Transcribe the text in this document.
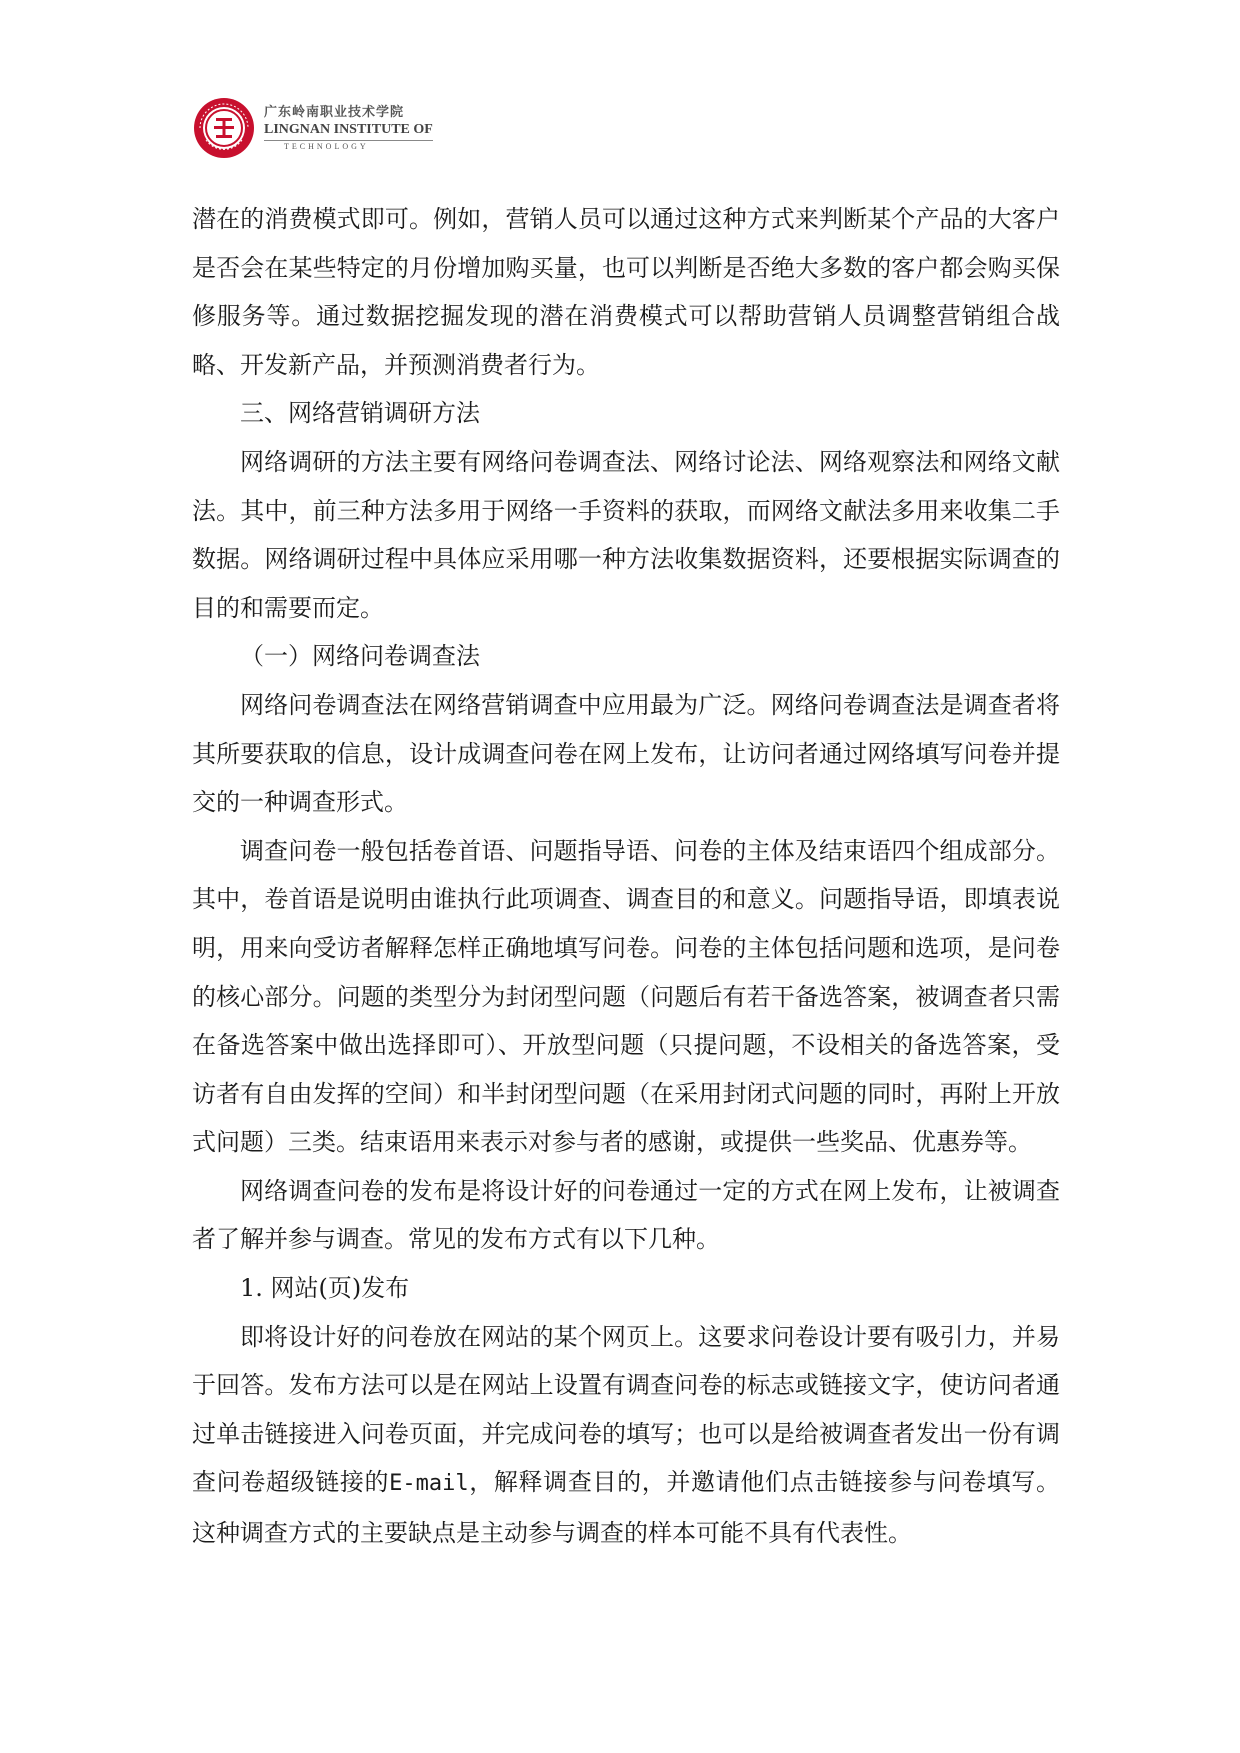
广东岭南职业技术学院
LINGNAN INSTITUTE OF
TECHNOLOGY

潜在的消费模式即可。例如，营销人员可以通过这种方式来判断某个产品的大客户是否会在某些特定的月份增加购买量，也可以判断是否绝大多数的客户都会购买保修服务等。通过数据挖掘发现的潜在消费模式可以帮助营销人员调整营销组合战略、开发新产品，并预测消费者行为。

三、网络营销调研方法

网络调研的方法主要有网络问卷调查法、网络讨论法、网络观察法和网络文献法。其中，前三种方法多用于网络一手资料的获取，而网络文献法多用来收集二手数据。网络调研过程中具体应采用哪一种方法收集数据资料，还要根据实际调查的目的和需要而定。

（一）网络问卷调查法

网络问卷调查法在网络营销调查中应用最为广泛。网络问卷调查法是调查者将其所要获取的信息，设计成调查问卷在网上发布，让访问者通过网络填写问卷并提交的一种调查形式。

调查问卷一般包括卷首语、问题指导语、问卷的主体及结束语四个组成部分。其中，卷首语是说明由谁执行此项调查、调查目的和意义。问题指导语，即填表说明，用来向受访者解释怎样正确地填写问卷。问卷的主体包括问题和选项，是问卷的核心部分。问题的类型分为封闭型问题（问题后有若干备选答案，被调查者只需在备选答案中做出选择即可）、开放型问题（只提问题，不设相关的备选答案，受访者有自由发挥的空间）和半封闭型问题（在采用封闭式问题的同时，再附上开放式问题）三类。结束语用来表示对参与者的感谢，或提供一些奖品、优惠券等。

网络调查问卷的发布是将设计好的问卷通过一定的方式在网上发布，让被调查者了解并参与调查。常见的发布方式有以下几种。

1. 网站(页)发布

即将设计好的问卷放在网站的某个网页上。这要求问卷设计要有吸引力，并易于回答。发布方法可以是在网站上设置有调查问卷的标志或链接文字，使访问者通过单击链接进入问卷页面，并完成问卷的填写；也可以是给被调查者发出一份有调查问卷超级链接的E-mail，解释调查目的，并邀请他们点击链接参与问卷填写。这种调查方式的主要缺点是主动参与调查的样本可能不具有代表性。
